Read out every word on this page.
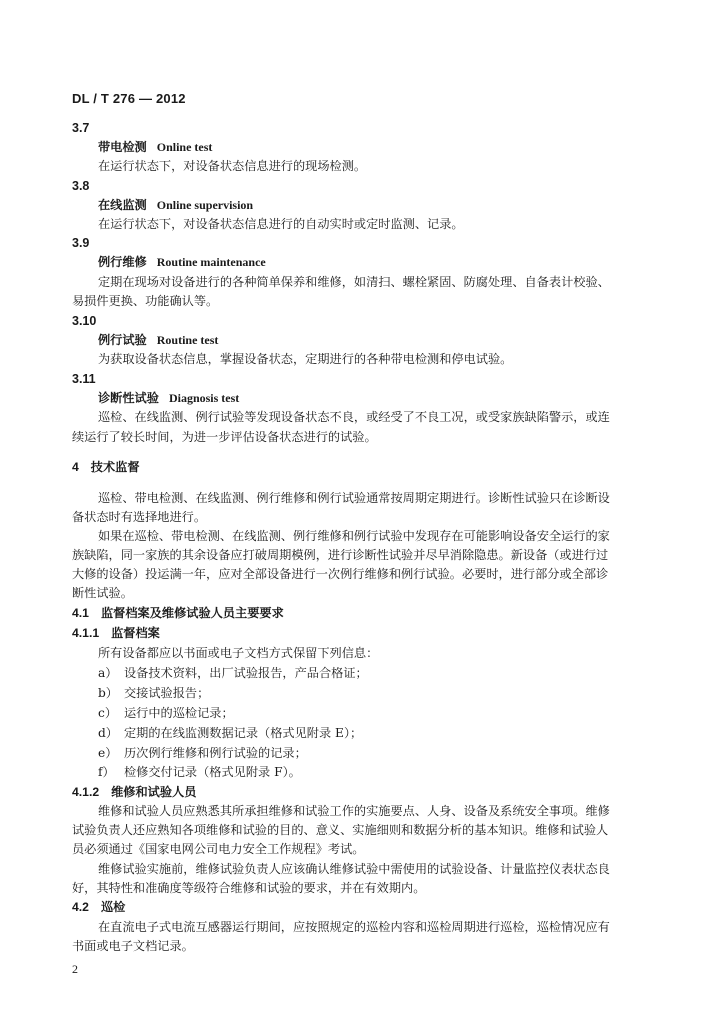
DL / T 276 — 2012
3.7
带电检测 Online test
在运行状态下，对设备状态信息进行的现场检测。
3.8
在线监测 Online supervision
在运行状态下，对设备状态信息进行的自动实时或定时监测、记录。
3.9
例行维修 Routine maintenance
定期在现场对设备进行的各种简单保养和维修，如清扫、螺栓紧固、防腐处理、自备表计校验、
易损件更换、功能确认等。
3.10
例行试验 Routine test
为获取设备状态信息，掌握设备状态，定期进行的各种带电检测和停电试验。
3.11
诊断性试验 Diagnosis test
巡检、在线监测、例行试验等发现设备状态不良，或经受了不良工况，或受家族缺陷警示，或连
续运行了较长时间，为进一步评估设备状态进行的试验。
4 技术监督
巡检、带电检测、在线监测、例行维修和例行试验通常按周期定期进行。诊断性试验只在诊断设
备状态时有选择地进行。
如果在巡检、带电检测、在线监测、例行维修和例行试验中发现存在可能影响设备安全运行的家
族缺陷，同一家族的其余设备应打破周期模例，进行诊断性试验并尽早消除隐患。新设备（或进行过
大修的设备）投运满一年，应对全部设备进行一次例行维修和例行试验。必要时，进行部分或全部诊
断性试验。
4.1 监督档案及维修试验人员主要要求
4.1.1 监督档案
所有设备都应以书面或电子文档方式保留下列信息：
a） 设备技术资料，出厂试验报告，产品合格证；
b） 交接试验报告；
c） 运行中的巡检记录；
d） 定期的在线监测数据记录（格式见附录 E）；
e） 历次例行维修和例行试验的记录；
f） 检修交付记录（格式见附录 F）。
4.1.2 维修和试验人员
维修和试验人员应熟悉其所承担维修和试验工作的实施要点、人身、设备及系统安全事项。维修
试验负责人还应熟知各项维修和试验的目的、意义、实施细则和数据分析的基本知识。维修和试验人
员必须通过《国家电网公司电力安全工作规程》考试。
维修试验实施前，维修试验负责人应该确认维修试验中需使用的试验设备、计量监控仪表状态良
好，其特性和准确度等级符合维修和试验的要求，并在有效期内。
4.2 巡检
在直流电子式电流互感器运行期间，应按照规定的巡检内容和巡检周期进行巡检，巡检情况应有
书面或电子文档记录。
2
